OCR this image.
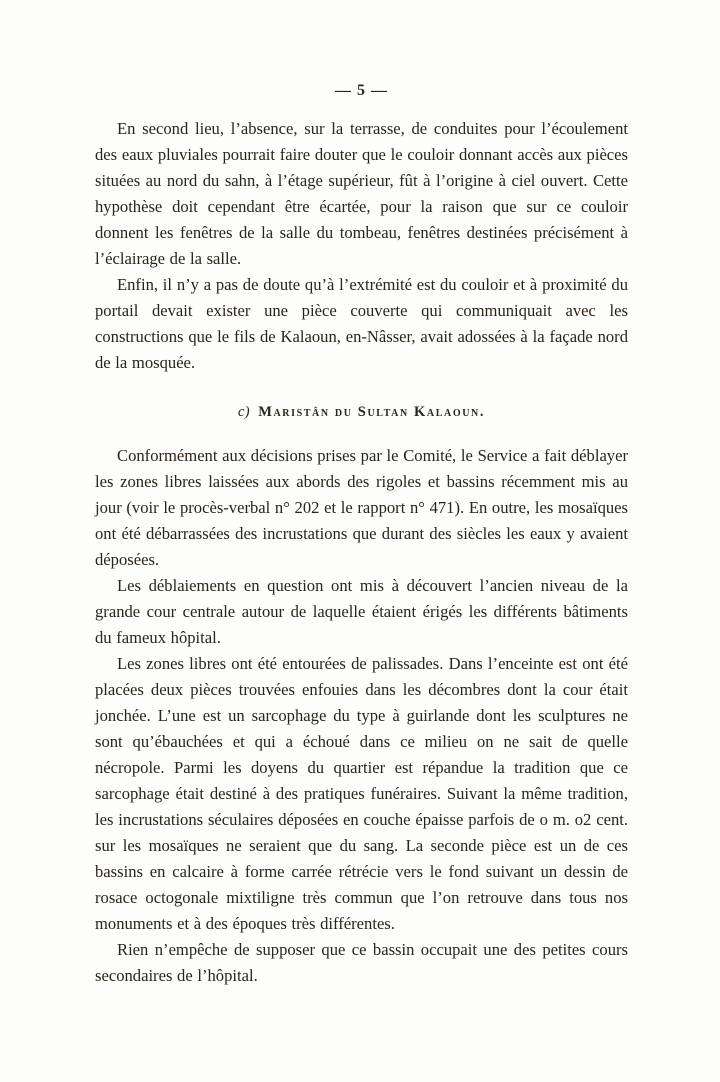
— 5 —

En second lieu, l’absence, sur la terrasse, de conduites pour l’écoulement des eaux pluviales pourrait faire douter que le couloir donnant accès aux pièces situées au nord du sahn, à l’étage supérieur, fût à l’origine à ciel ouvert. Cette hypothèse doit cependant être écartée, pour la raison que sur ce couloir donnent les fenêtres de la salle du tombeau, fenêtres destinées précisément à l’éclairage de la salle.

Enfin, il n’y a pas de doute qu’à l’extrémité est du couloir et à proximité du portail devait exister une pièce couverte qui communiquait avec les constructions que le fils de Kalaoun, en-Nâsser, avait adossées à la façade nord de la mosquée.

c) Maristân du Sultan Kalaoun.

Conformément aux décisions prises par le Comité, le Service a fait déblayer les zones libres laissées aux abords des rigoles et bassins récemment mis au jour (voir le procès-verbal n° 202 et le rapport n° 471). En outre, les mosaïques ont été débarrassées des incrustations que durant des siècles les eaux y avaient déposées.

Les déblaiements en question ont mis à découvert l’ancien niveau de la grande cour centrale autour de laquelle étaient érigés les différents bâtiments du fameux hôpital.

Les zones libres ont été entourées de palissades. Dans l’enceinte est ont été placées deux pièces trouvées enfouies dans les décombres dont la cour était jonchée. L’une est un sarcophage du type à guirlande dont les sculptures ne sont qu’ébauchées et qui a échoué dans ce milieu on ne sait de quelle nécropole. Parmi les doyens du quartier est répandue la tradition que ce sarcophage était destiné à des pratiques funéraires. Suivant la même tradition, les incrustations séculaires déposées en couche épaisse parfois de o m. o2 cent. sur les mosaïques ne seraient que du sang. La seconde pièce est un de ces bassins en calcaire à forme carrée rétrécie vers le fond suivant un dessin de rosace octogonale mixtiligne très commun que l’on retrouve dans tous nos monuments et à des époques très différentes.

Rien n’empêche de supposer que ce bassin occupait une des petites cours secondaires de l’hôpital.
